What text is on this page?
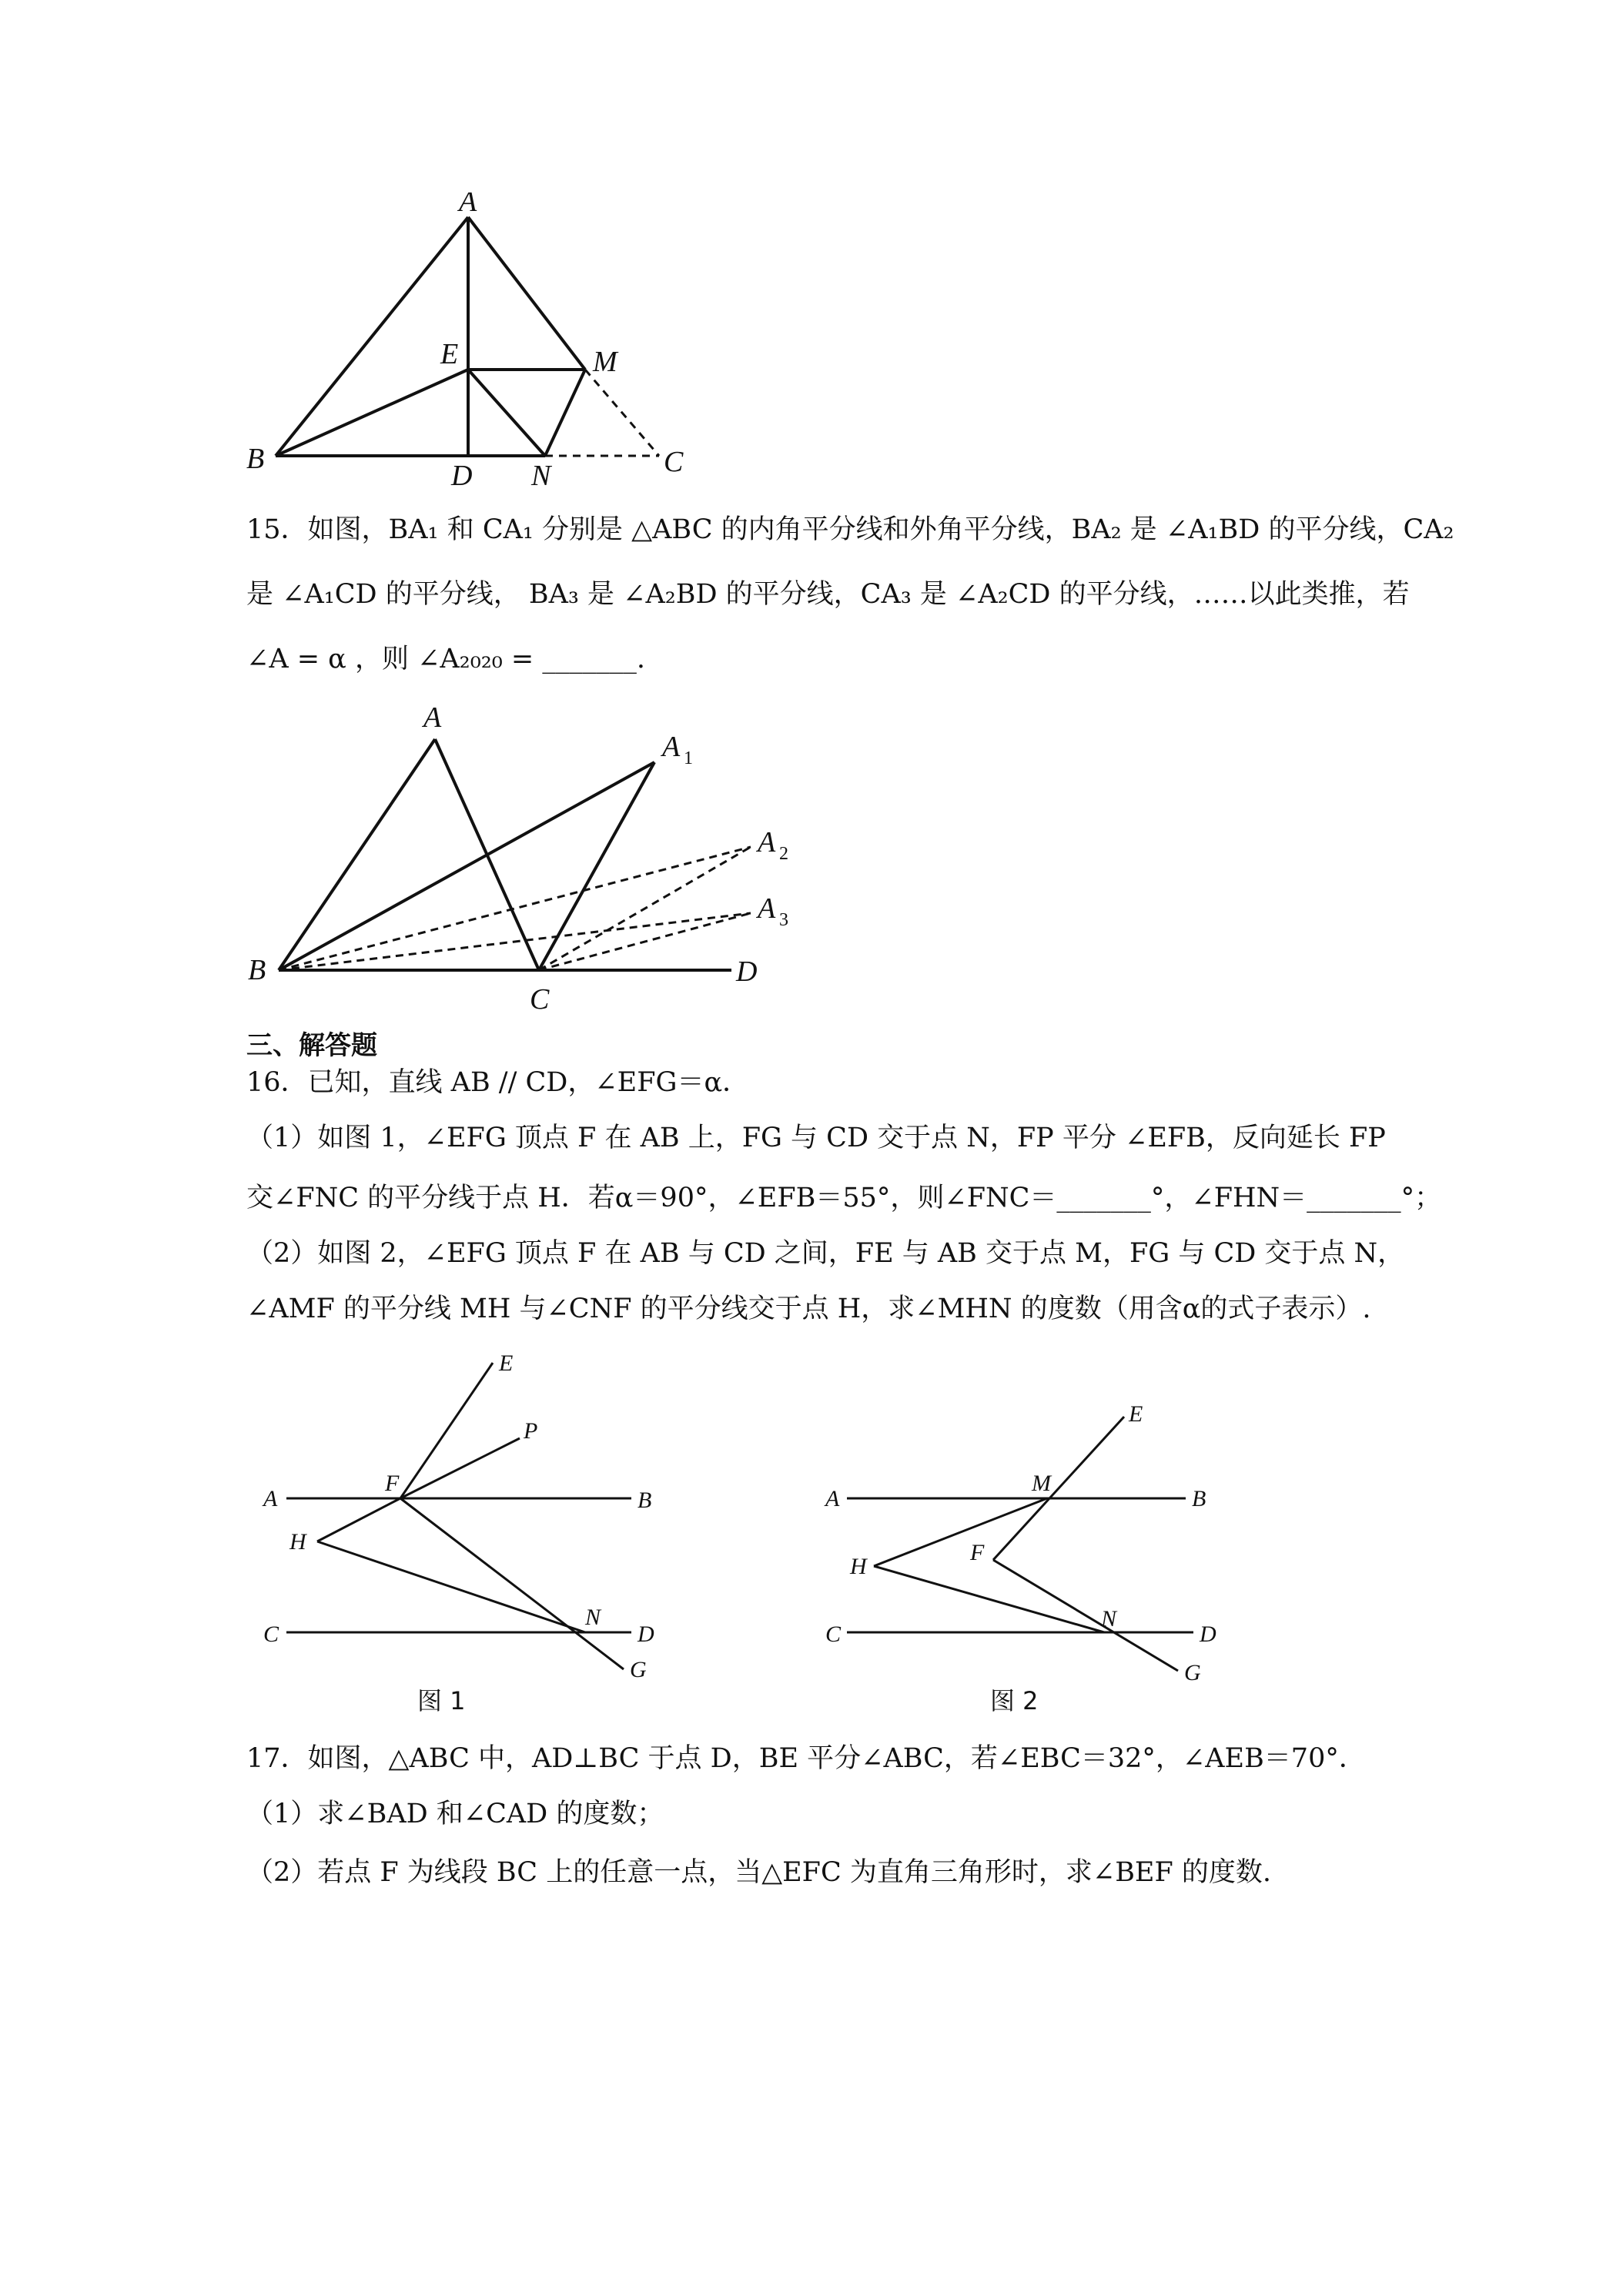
A
B	C
D
E	M
N
15．如图，BA₁ 和 CA₁ 分别是 △ABC 的内角平分线和外角平分线，BA₂ 是 ∠A₁BD 的平分线，CA₂
是 ∠A₁CD 的平分线， BA₃ 是 ∠A₂BD 的平分线，CA₃ 是 ∠A₂CD 的平分线，……以此类推，若
∠A = α ，则 ∠A₂₀₂₀ = _______.
A
A 1
A 2
A 3
B
C
D
三、解答题
16．已知，直线 AB // CD，∠EFG＝α．
（1）如图 1，∠EFG 顶点 F 在 AB 上，FG 与 CD 交于点 N，FP 平分 ∠EFB，反向延长 FP
交∠FNC 的平分线于点 H．若α＝90°，∠EFB＝55°，则∠FNC＝_______°，∠FHN＝_______°；
（2）如图 2，∠EFG 顶点 F 在 AB 与 CD 之间，FE 与 AB 交于点 M，FG 与 CD 交于点 N，
∠AMF 的平分线 MH 与∠CNF 的平分线交于点 H，求∠MHN 的度数（用含α的式子表示）.
A	B
C	D
E
F
G
H
N
P
图 1
A	B
C	D
E
F
G
H
M
N
图 2
17．如图，△ABC 中，AD⊥BC 于点 D，BE 平分∠ABC，若∠EBC＝32°，∠AEB＝70°．
（1）求∠BAD 和∠CAD 的度数；
（2）若点 F 为线段 BC 上的任意一点，当△EFC 为直角三角形时，求∠BEF 的度数.
